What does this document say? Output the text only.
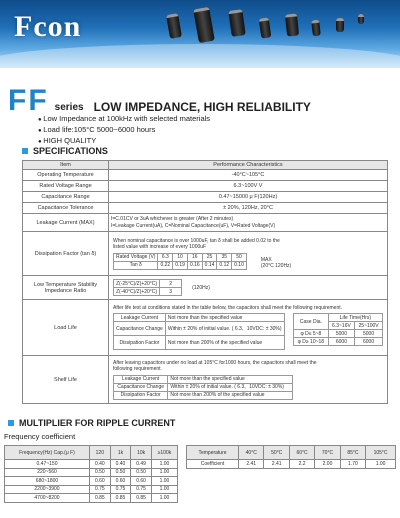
Fcon
FF series LOW IMPEDANCE, HIGH RELIABILITY
● Low Impedance at 100kHz with selected materials
● Load life:105°C 5000~6000 hours
● HIGH QUALITY
SPECIFICATIONS
Item	Performance Characteristics
Operating Temperature	-40°C~105°C
Rated Voltage Range	6.3~100V V
Capacitance Range	0.47~15000 μ F(120Hz)
Capacitance Tolerance	± 20%, 120Hz, 20°C
Leakage Current (MAX)	
I=C.01CV or 3uA whichever is greater (After 2 minutes)
I=Leakage Current(uA), C=Nominal Capacitance(uF), V=Rated Voltage(V)

Dissipation Factor (tan δ)	
When nominal capacitance is over 1000uF, tan δ shall be added 0.02 to the
listed value with increase of every 1000uF
Rated Voltage (V)	6.3	10	16	25	35	50
Tan δ	0.22	0.19	0.16	0.14	0.12	0.10
MAX
(20°C 120Hz)

Low Temperature Stability Impedance Ratio	
Z(-25°C)/Z(+20°C)	2
Z(-40°C)/Z(+20°C)	3
(120Hz)

Load Life	
After life test at conditions stated in the table below, the capacitors shall meet the following requirement.
Leakage Current	Not more than the specified value
Capacitance Change	Within ± 20% of initial value. ( 6.3、10VDC: ± 30%)
Dissipation Factor	Not more than 200% of the specified value
Case Dia.	Life Time(Hrs)
6.3~16V	25~100V
φ D≤ 5~8	5000	5000
φ D≥ 10~18	6000	6000

Shelf Life	
After leaving capacitors under no load at 105°C for1000 hours, the capacitors shall meet the
following requirement.
Leakage Current	Not more than the specified value
Capacitance Change	Within ± 20% of initial value. ( 6.3、10VDC: ± 30%)
Dissipation Factor	Not more than 200% of the specified value
MULTIPLIER FOR RIPPLE CURRENT
Frequency coefficient
Frequency(Hz) Cap.(μ F)	120	1k	10k	≥100k
0.47~150	0.40	0.40	0.49	1.00
220~560	0.50	0.50	0.50	1.00
680~1800	0.60	0.60	0.60	1.00
2200~3900	0.75	0.75	0.75	1.00
4700~8200	0.85	0.85	0.85	1.00
Temperature	40°C	50°C	60°C	70°C	85°C	105°C
Coefficient	2.41	2.41	2.2	2.00	1.70	1.00
